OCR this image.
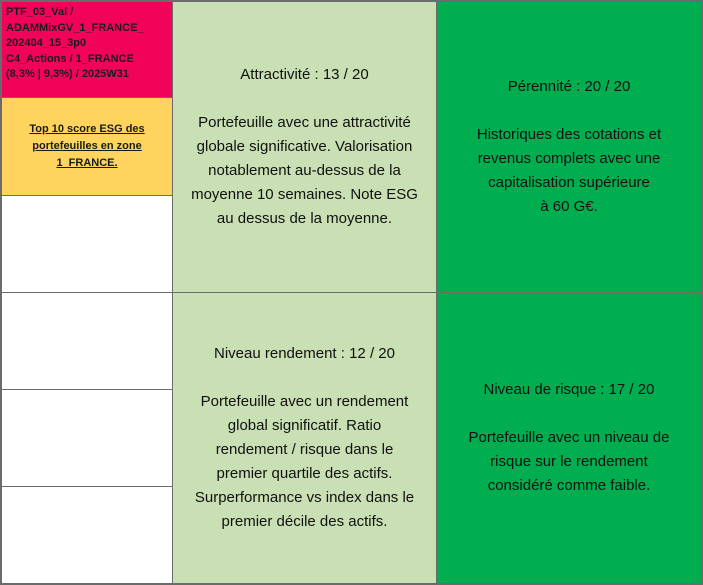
PTF_03_Val /
ADAMMixGV_1_FRANCE_
202404_15_3p0
C4_Actions / 1_FRANCE
(8,3% | 9,3%) / 2025W31
Top 10 score ESG des portefeuilles en zone 1_FRANCE.
Attractivité : 13 / 20
Portefeuille avec une attractivité
globale significative. Valorisation
notablement au-dessus de la
moyenne 10 semaines. Note ESG
au dessus de la moyenne.
Pérennité : 20 / 20
Historiques des cotations et
revenus complets avec une
capitalisation supérieure
à 60 G€.
Niveau rendement : 12 / 20
Portefeuille avec un rendement
global significatif. Ratio
rendement / risque dans le
premier quartile des actifs.
Surperformance vs index dans le
premier décile des actifs.
Niveau de risque : 17 / 20
Portefeuille avec un niveau de
risque sur le rendement
considéré comme faible.
